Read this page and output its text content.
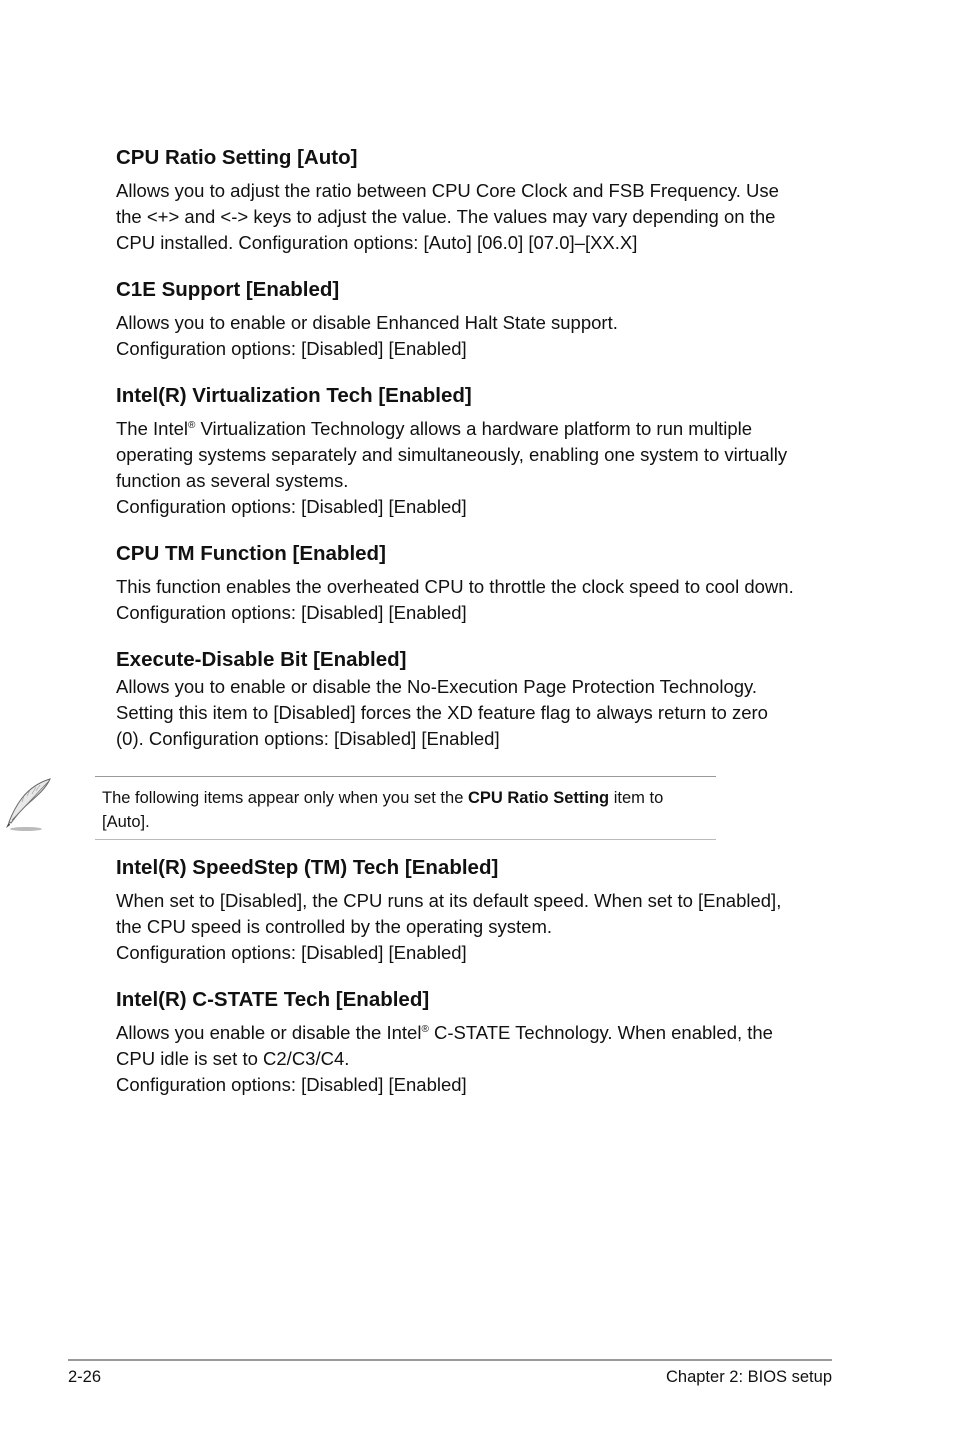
CPU Ratio Setting [Auto]
Allows you to adjust the ratio between CPU Core Clock and FSB Frequency. Use
the <+> and <-> keys to adjust the value. The values may vary depending on the
CPU installed. Configuration options: [Auto] [06.0] [07.0]–[XX.X]
C1E Support [Enabled]
Allows you to enable or disable Enhanced Halt State support.
Configuration options: [Disabled] [Enabled]
Intel(R) Virtualization Tech [Enabled]
The Intel® Virtualization Technology allows a hardware platform to run multiple
operating systems separately and simultaneously, enabling one system to virtually
function as several systems.
Configuration options: [Disabled] [Enabled]
CPU TM Function [Enabled]
This function enables the overheated CPU to throttle the clock speed to cool down.
Configuration options: [Disabled] [Enabled]
Execute-Disable Bit [Enabled]
Allows you to enable or disable the No-Execution Page Protection Technology.
Setting this item to [Disabled] forces the XD feature flag to always return to zero
(0). Configuration options: [Disabled] [Enabled]
The following items appear only when you set the CPU Ratio Setting item to
[Auto].
Intel(R) SpeedStep (TM) Tech [Enabled]
When set to [Disabled], the CPU runs at its default speed. When set to [Enabled],
the CPU speed is controlled by the operating system.
Configuration options: [Disabled] [Enabled]
Intel(R) C-STATE Tech [Enabled]
Allows you enable or disable the Intel® C-STATE Technology. When enabled, the
CPU idle is set to C2/C3/C4.
Configuration options: [Disabled] [Enabled]
2-26	Chapter 2: BIOS setup
